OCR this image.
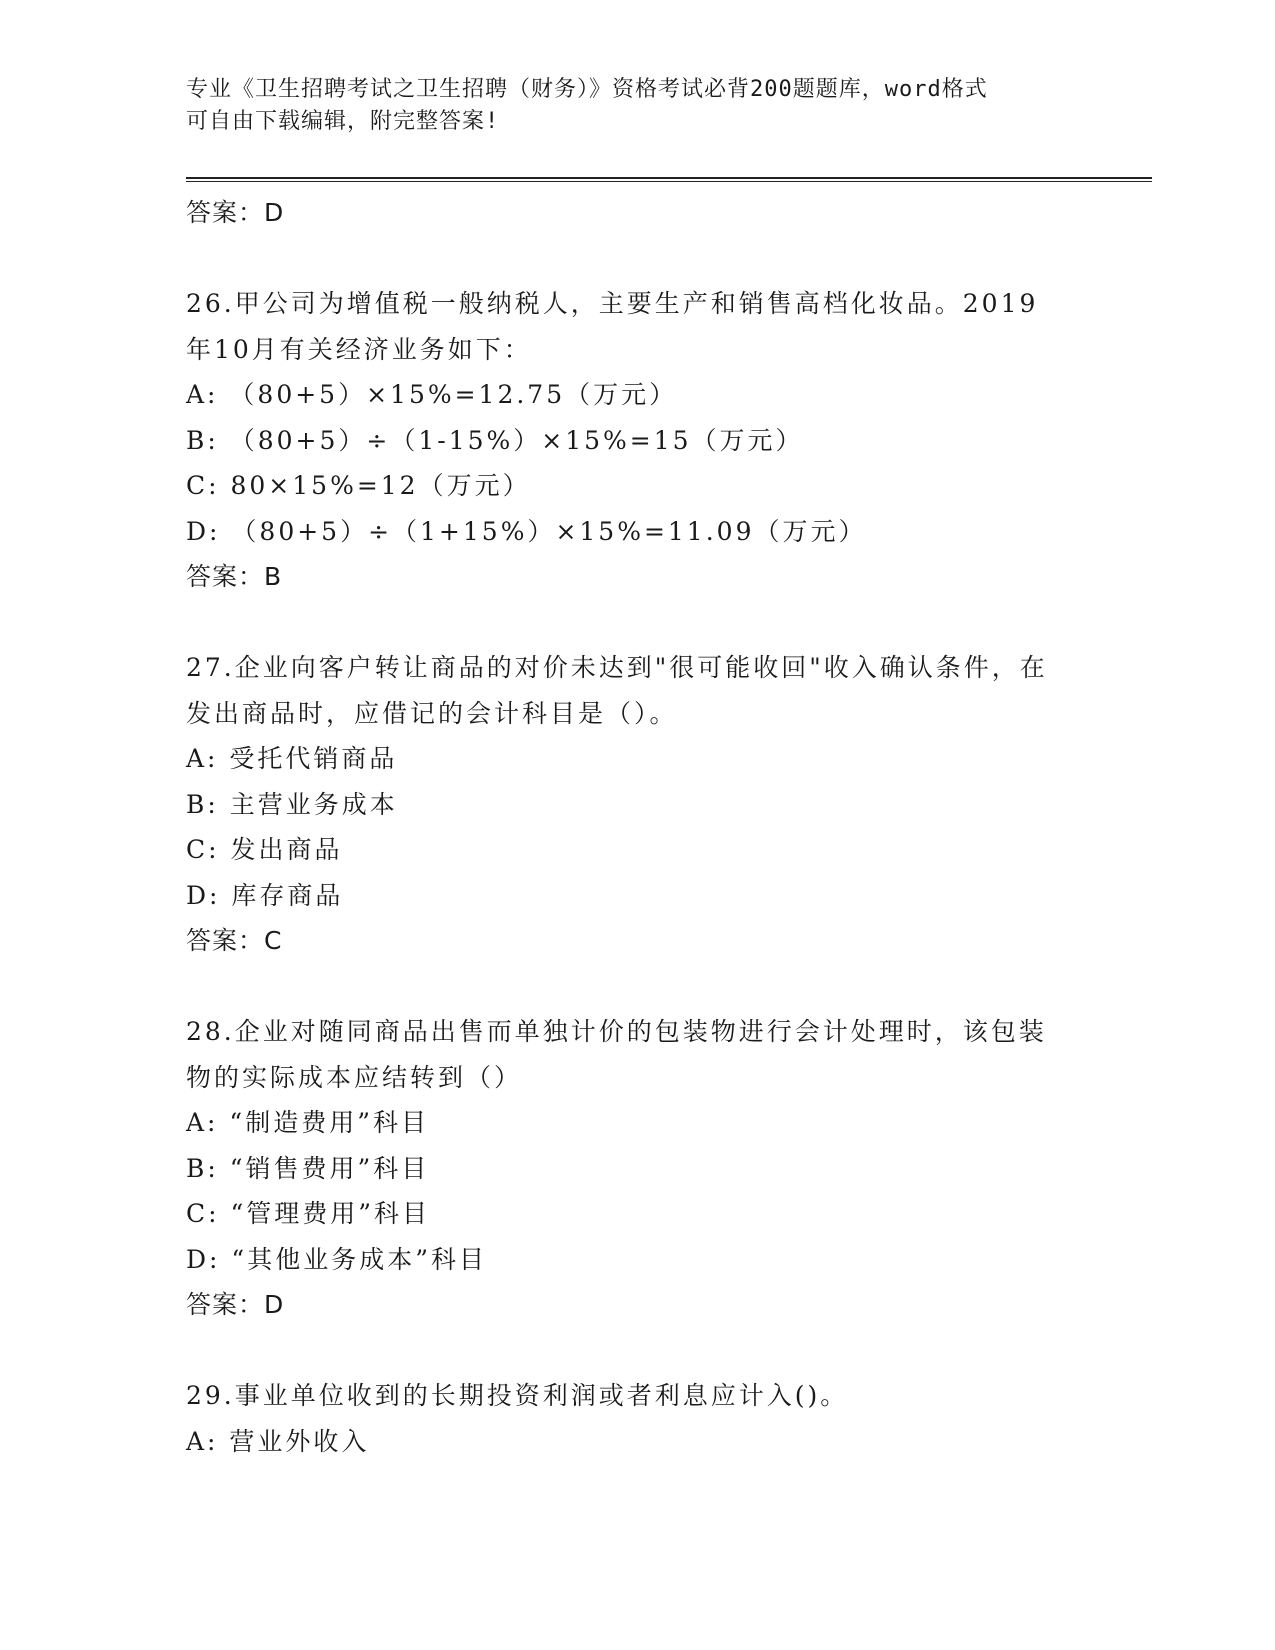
专业《卫生招聘考试之卫生招聘（财务）》资格考试必背200题题库，word格式
可自由下载编辑，附完整答案!
答案：D
26.甲公司为增值税一般纳税人，主要生产和销售高档化妆品。2019
年10月有关经济业务如下：
A: （80+5）×15%=12.75（万元）
B: （80+5）÷（1-15%）×15%=15（万元）
C: 80×15%=12（万元）
D: （80+5）÷（1+15%）×15%=11.09（万元）
答案：B
27.企业向客户转让商品的对价未达到"很可能收回"收入确认条件，在
发出商品时，应借记的会计科目是（）。
A: 受托代销商品
B: 主营业务成本
C: 发出商品
D: 库存商品
答案：C
28.企业对随同商品出售而单独计价的包装物进行会计处理时，该包装
物的实际成本应结转到（）
A: “制造费用”科目
B: “销售费用”科目
C: “管理费用”科目
D: “其他业务成本”科目
答案：D
29.事业单位收到的长期投资利润或者利息应计入()。
A: 营业外收入
